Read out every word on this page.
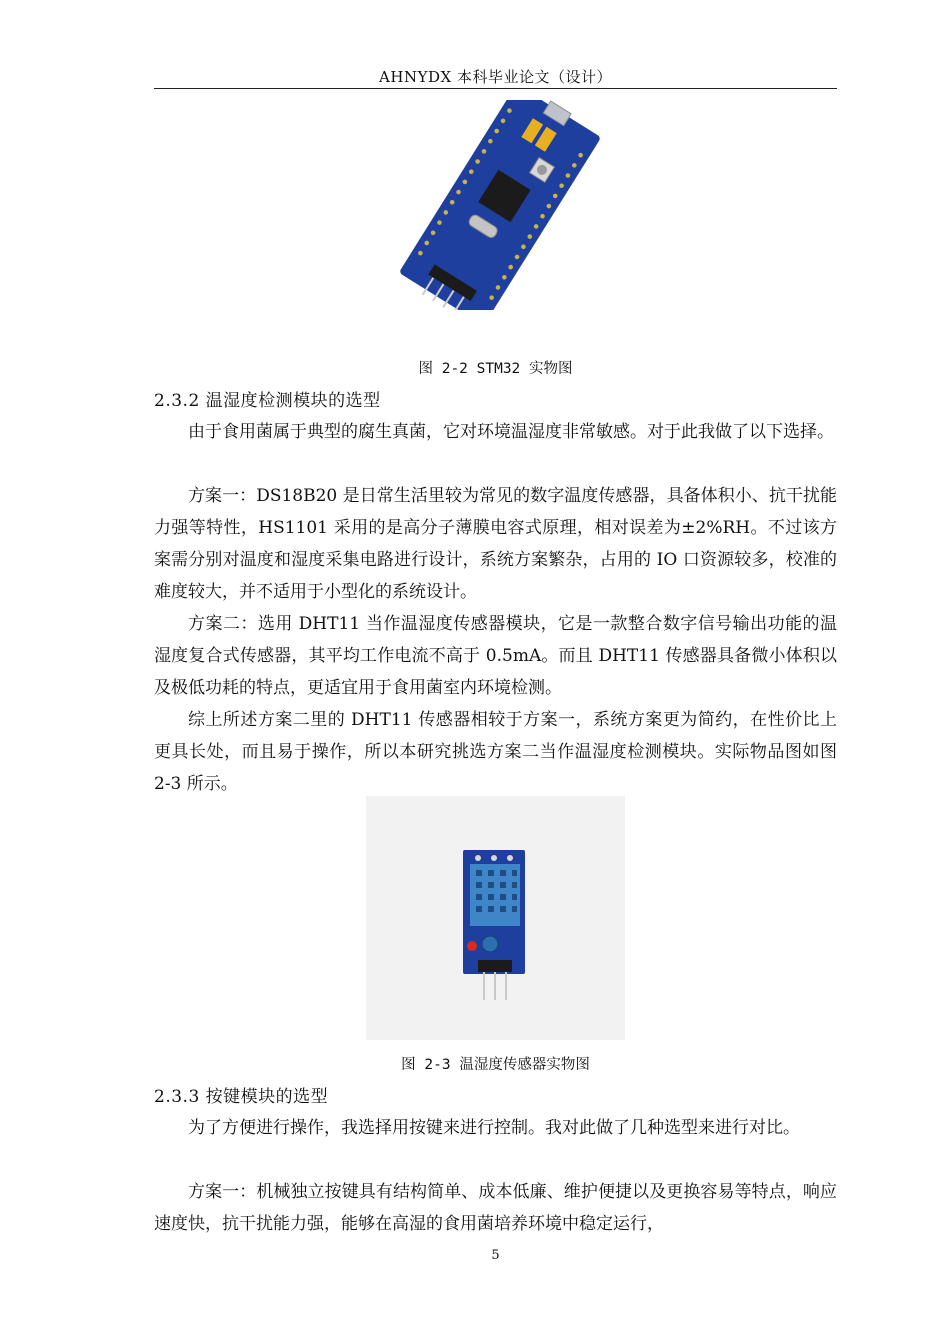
AHNYDX 本科毕业论文（设计）
图 2-2 STM32 实物图
2.3.2 温湿度检测模块的选型
由于食用菌属于典型的腐生真菌，它对环境温湿度非常敏感。对于此我做了以下选择。
方案一：DS18B20 是日常生活里较为常见的数字温度传感器，具备体积小、抗干扰能力强等特性，HS1101 采用的是高分子薄膜电容式原理，相对误差为±2%RH。不过该方案需分别对温度和湿度采集电路进行设计，系统方案繁杂，占用的 IO 口资源较多，校准的难度较大，并不适用于小型化的系统设计。
方案二：选用 DHT11 当作温湿度传感器模块，它是一款整合数字信号输出功能的温湿度复合式传感器，其平均工作电流不高于 0.5mA。而且 DHT11 传感器具备微小体积以及极低功耗的特点，更适宜用于食用菌室内环境检测。
综上所述方案二里的 DHT11 传感器相较于方案一，系统方案更为简约，在性价比上更具长处，而且易于操作，所以本研究挑选方案二当作温湿度检测模块。实际物品图如图 2-3 所示。
图 2-3 温湿度传感器实物图
2.3.3 按键模块的选型
为了方便进行操作，我选择用按键来进行控制。我对此做了几种选型来进行对比。
方案一：机械独立按键具有结构简单、成本低廉、维护便捷以及更换容易等特点，响应速度快，抗干扰能力强，能够在高湿的食用菌培养环境中稳定运行，
5
